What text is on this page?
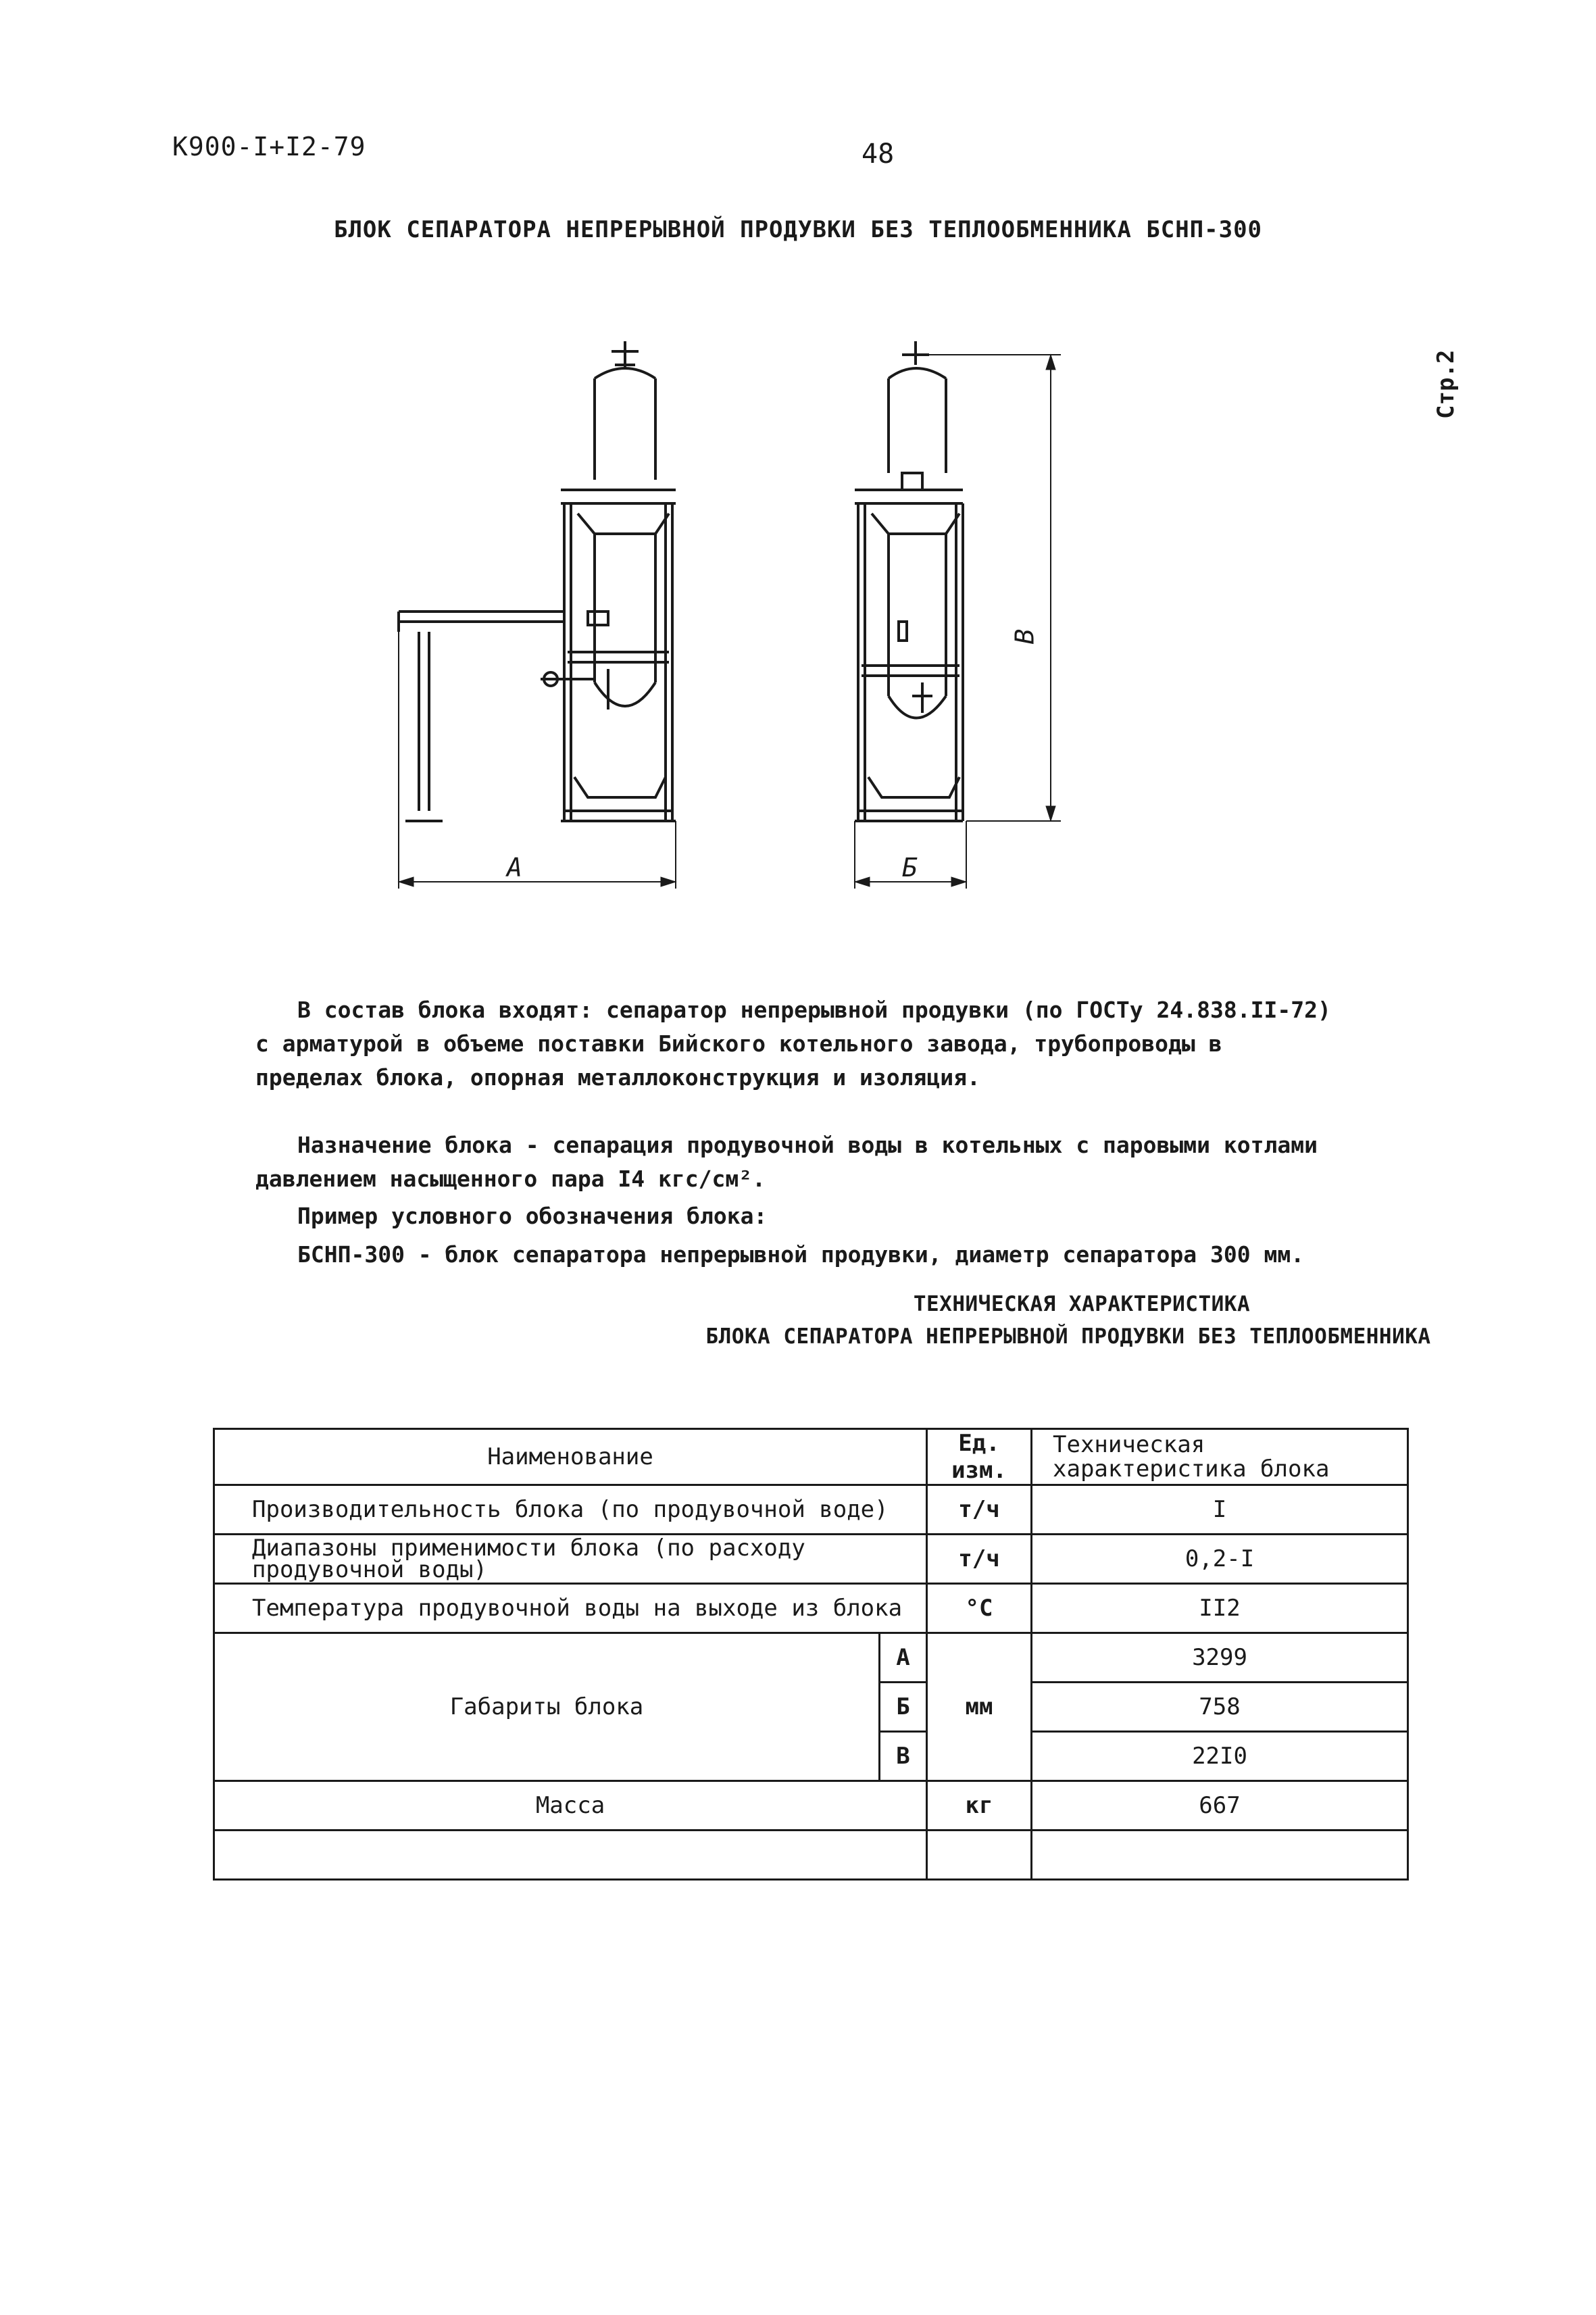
К900-I+I2-79	48
Стр.2
БЛОК СЕПАРАТОРА НЕПРЕРЫВНОЙ ПРОДУВКИ БЕЗ ТЕПЛООБМЕННИКА БСНП-300
А	Б
В
В состав блока входят: сепаратор непрерывной продувки (по ГОСТу 24.838.II-72)
с арматурой в объеме поставки Бийского котельного завода, трубопроводы в
пределах блока, опорная металлоконструкция и изоляция.
Назначение блока - сепарация продувочной воды в котельных с паровыми котлами
давлением насыщенного пара I4 кгс/см².
Пример условного обозначения блока:
БСНП-300 - блок сепаратора непрерывной продувки, диаметр сепаратора 300 мм.
ТЕХНИЧЕСКАЯ ХАРАКТЕРИСТИКА
БЛОКА СЕПАРАТОРА НЕПРЕРЫВНОЙ ПРОДУВКИ БЕЗ ТЕПЛООБМЕННИКА
Наименование		Ед. изм.	Техническая
характеристика блока

Производительность блока (по продувочной воде)		т/ч	I
Диапазоны применимости блока (по расходу продувочной воды)		т/ч	0,2-I
Температура продувочной воды на выходе из блока		°С	II2
Габариты блока	А	мм	3299
	Б		758
	В		22I0
Масса		кг	667
